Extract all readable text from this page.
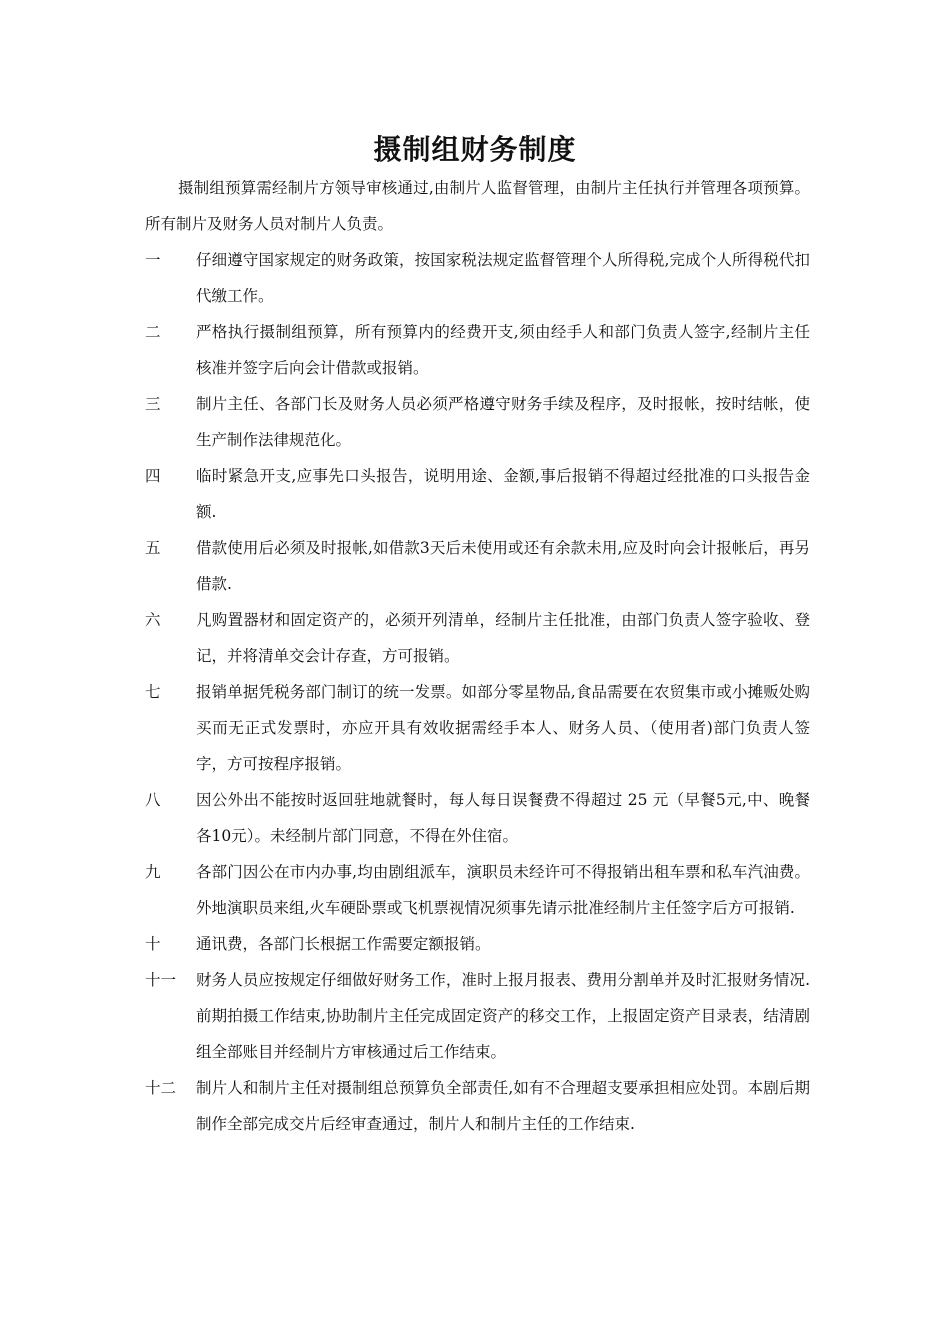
摄制组财务制度
摄制组预算需经制片方领导审核通过,由制片人监督管理，由制片主任执行并管理各项预算。所有制片及财务人员对制片人负责。
一	仔细遵守国家规定的财务政策，按国家税法规定监督管理个人所得税,完成个人所得税代扣代缴工作。
二	严格执行摄制组预算，所有预算内的经费开支,须由经手人和部门负责人签字,经制片主任核准并签字后向会计借款或报销。
三	制片主任、各部门长及财务人员必须严格遵守财务手续及程序，及时报帐，按时结帐，使生产制作法律规范化。
四	临时紧急开支,应事先口头报告，说明用途、金额,事后报销不得超过经批准的口头报告金额.
五	借款使用后必须及时报帐,如借款3天后未使用或还有余款未用,应及时向会计报帐后，再另借款.
六	凡购置器材和固定资产的，必须开列清单，经制片主任批准，由部门负责人签字验收、登记，并将清单交会计存查，方可报销。
七	报销单据凭税务部门制订的统一发票。如部分零星物品,食品需要在农贸集市或小摊贩处购买而无正式发票时，亦应开具有效收据需经手本人、财务人员、（使用者)部门负责人签字，方可按程序报销。
八	因公外出不能按时返回驻地就餐时，每人每日误餐费不得超过 25 元（早餐5元,中、晚餐各10元）。未经制片部门同意，不得在外住宿。
九	各部门因公在市内办事,均由剧组派车，演职员未经许可不得报销出租车票和私车汽油费。外地演职员来组,火车硬卧票或飞机票视情况须事先请示批准经制片主任签字后方可报销.
十	通讯费，各部门长根据工作需要定额报销。
十一	财务人员应按规定仔细做好财务工作，准时上报月报表、费用分割单并及时汇报财务情况.前期拍摄工作结束,协助制片主任完成固定资产的移交工作，上报固定资产目录表，结清剧组全部账目并经制片方审核通过后工作结束。
十二	制片人和制片主任对摄制组总预算负全部责任,如有不合理超支要承担相应处罚。本剧后期制作全部完成交片后经审查通过，制片人和制片主任的工作结束.
